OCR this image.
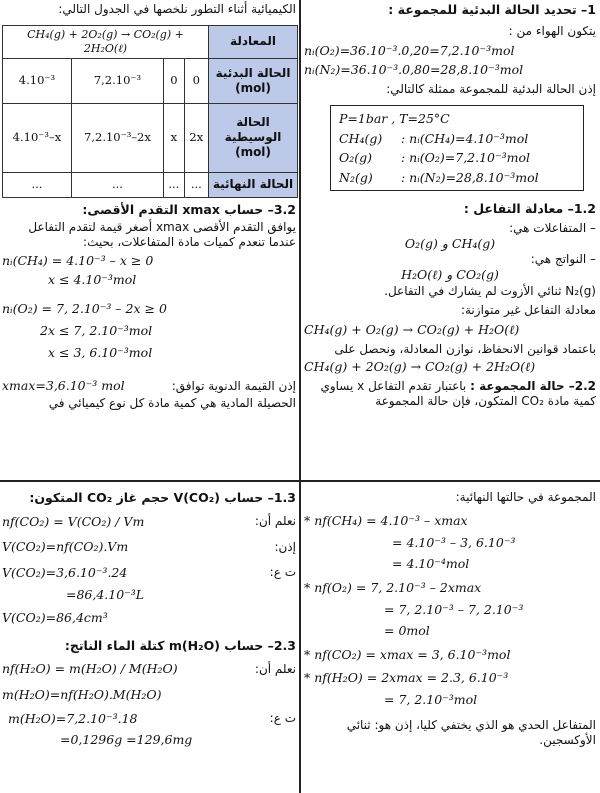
1– تحديد الحالة البدئية للمجموعة :
يتكون الهواء من :
nᵢ(O₂)=36.10⁻³.0,20=7,2.10⁻³mol
nᵢ(N₂)=36.10⁻³.0,80=28,8.10⁻³mol
إذن الحالة البدئية للمجموعة ممثلة كالتالي:
P=1bar , T=25°C
CH₄(g) : nᵢ(CH₄)=4.10⁻³mol
O₂(g) : nᵢ(O₂)=7,2.10⁻³mol
N₂(g) : nᵢ(N₂)=28,8.10⁻³mol
1.2– معادلة التفاعل :
– المتفاعلات هي:
O₂(g) و CH₄(g)
– النواتج هي:
H₂O(ℓ) و CO₂(g)
N₂(g) ثنائي الأزوت لم يشارك في التفاعل.
معادلة التفاعل غير متوازنة:
CH₄(g) + O₂(g) → CO₂(g) + H₂O(ℓ)
باعتماد قوانين الانحفاظ، نوازن المعادلة، ونحصل على
CH₄(g) + 2O₂(g) → CO₂(g) + 2H₂O(ℓ)
2.2– حالة المجموعة : باعتبار تقدم التفاعل x يساوي كمية مادة CO₂ المتكون، فإن حالة المجموعة
الكيميائية أثناء التطور نلخصها في الجدول التالي:
CH₄(g) + 2O₂(g) → CO₂(g) + 2H₂O(ℓ)				المعادلة
4.10⁻³	7,2.10⁻³	0	0	الحالة البدئية (mol)
4.10⁻³–x	7,2.10⁻³–2x	x	2x	الحالة الوسيطية (mol)
...	...	...	...	الحالة النهائية
3.2– حساب xmax التقدم الأقصى:
يوافق التقدم الأقصى xmax أصغر قيمة لتقدم التفاعل عندما تنعدم كميات مادة المتفاعلات، بحيث:
nᵢ(CH₄) = 4.10⁻³ – x ≥ 0
x ≤ 4.10⁻³mol
nᵢ(O₂) = 7, 2.10⁻³ – 2x ≥ 0
2x ≤ 7, 2.10⁻³mol
x ≤ 3, 6.10⁻³mol
xmax=3,6.10⁻³ mol	إذن القيمة الدنوية توافق:
الحصيلة المادية هي كمية مادة كل نوع كيميائي في
المجموعة في حالتها النهائية:
* nf(CH₄) = 4.10⁻³ – xmax
= 4.10⁻³ – 3, 6.10⁻³
= 4.10⁻⁴mol
* nf(O₂) = 7, 2.10⁻³ – 2xmax
= 7, 2.10⁻³ – 7, 2.10⁻³
= 0mol
* nf(CO₂) = xmax = 3, 6.10⁻³mol
* nf(H₂O) = 2xmax = 2.3, 6.10⁻³
= 7, 2.10⁻³mol
المتفاعل الحدي هو الذي يختفي كليا، إذن هو: ثنائي الأوكسجين.
1.3– حساب V(CO₂) حجم غاز CO₂ المتكون:
nf(CO₂) = V(CO₂) / Vm	نعلم أن:
V(CO₂)=nf(CO₂).Vm	إذن:
V(CO₂)=3,6.10⁻³.24	ت ع:
=86,4.10⁻³L
V(CO₂)=86,4cm³
2.3– حساب m(H₂O) كتلة الماء الناتج:
nf(H₂O) = m(H₂O) / M(H₂O)	نعلم أن:
m(H₂O)=nf(H₂O).M(H₂O)
m(H₂O)=7,2.10⁻³.18	ت ع:
=0,1296g =129,6mg
